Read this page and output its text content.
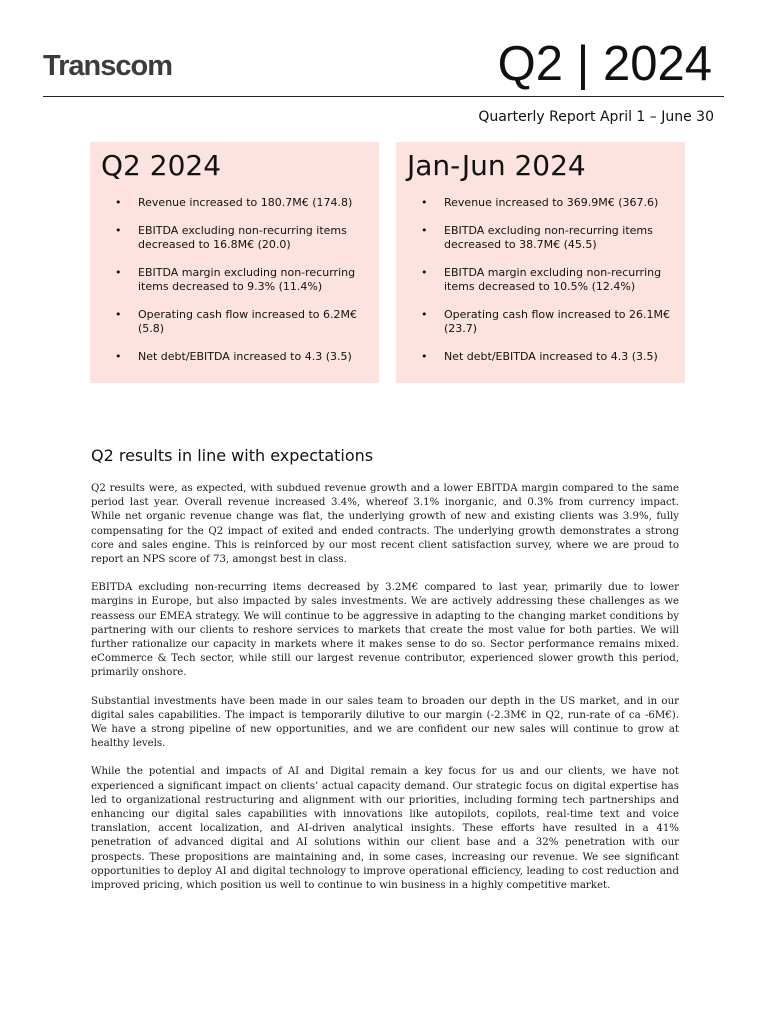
Transcom	Q2 | 2024
Quarterly Report April 1 – June 30
Q2 2024
• Revenue increased to 180.7M€ (174.8)
• EBITDA excluding non-recurring items decreased to 16.8M€ (20.0)
• EBITDA margin excluding non-recurring items decreased to 9.3% (11.4%)
• Operating cash flow increased to 6.2M€ (5.8)
• Net debt/EBITDA increased to 4.3 (3.5)
Jan-Jun 2024
• Revenue increased to 369.9M€ (367.6)
• EBITDA excluding non-recurring items decreased to 38.7M€ (45.5)
• EBITDA margin excluding non-recurring items decreased to 10.5% (12.4%)
• Operating cash flow increased to 26.1M€ (23.7)
• Net debt/EBITDA increased to 4.3 (3.5)
Q2 results in line with expectations

Q2 results were, as expected, with subdued revenue growth and a lower EBITDA margin compared to the same period last year. Overall revenue increased 3.4%, whereof 3.1% inorganic, and 0.3% from currency impact. While net organic revenue change was flat, the underlying growth of new and existing clients was 3.9%, fully compensating for the Q2 impact of exited and ended contracts. The underlying growth demonstrates a strong core and sales engine. This is reinforced by our most recent client satisfaction survey, where we are proud to report an NPS score of 73, amongst best in class.

EBITDA excluding non-recurring items decreased by 3.2M€ compared to last year, primarily due to lower margins in Europe, but also impacted by sales investments. We are actively addressing these challenges as we reassess our EMEA strategy. We will continue to be aggressive in adapting to the changing market conditions by partnering with our clients to reshore services to markets that create the most value for both parties. We will further rationalize our capacity in markets where it makes sense to do so. Sector performance remains mixed. eCommerce & Tech sector, while still our largest revenue contributor, experienced slower growth this period, primarily onshore.

Substantial investments have been made in our sales team to broaden our depth in the US market, and in our digital sales capabilities. The impact is temporarily dilutive to our margin (-2.3M€ in Q2, run-rate of ca -6M€). We have a strong pipeline of new opportunities, and we are confident our new sales will continue to grow at healthy levels.

While the potential and impacts of AI and Digital remain a key focus for us and our clients, we have not experienced a significant impact on clients’ actual capacity demand. Our strategic focus on digital expertise has led to organizational restructuring and alignment with our priorities, including forming tech partnerships and enhancing our digital sales capabilities with innovations like autopilots, copilots, real-time text and voice translation, accent localization, and AI-driven analytical insights. These efforts have resulted in a 41% penetration of advanced digital and AI solutions within our client base and a 32% penetration with our prospects. These propositions are maintaining and, in some cases, increasing our revenue. We see significant opportunities to deploy AI and digital technology to improve operational efficiency, leading to cost reduction and improved pricing, which position us well to continue to win business in a highly competitive market.
